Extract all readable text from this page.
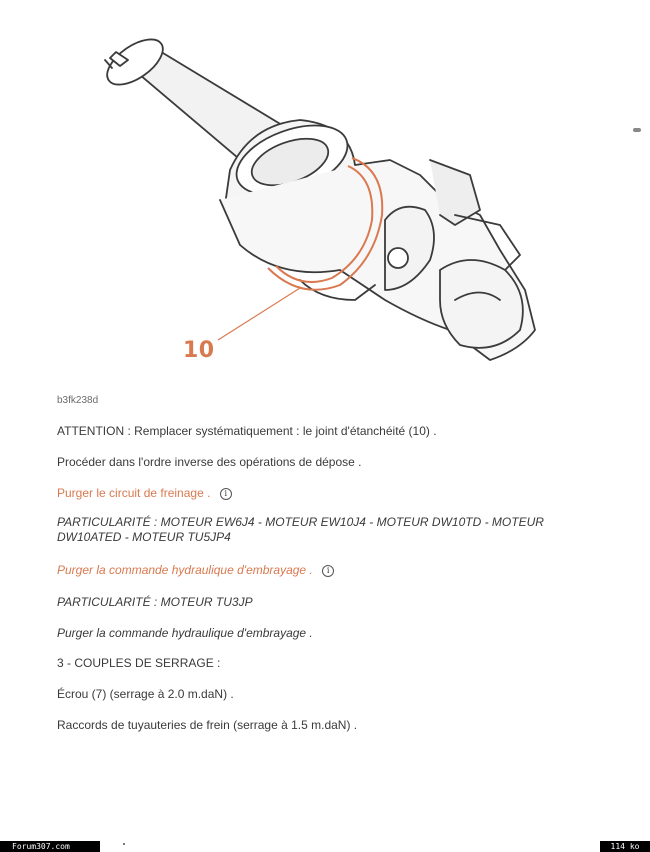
10
b3fk238d
ATTENTION : Remplacer systématiquement : le joint d'étanchéité (10) .
Procéder dans l'ordre inverse des opérations de dépose .
Purger le circuit de freinage . i
PARTICULARITÉ : MOTEUR EW6J4 - MOTEUR EW10J4 - MOTEUR DW10TD - MOTEUR DW10ATED - MOTEUR TU5JP4
Purger la commande hydraulique d'embrayage . i
PARTICULARITÉ : MOTEUR TU3JP
Purger la commande hydraulique d'embrayage .
3 - COUPLES DE SERRAGE :
Écrou (7) (serrage à 2.0 m.daN) .
Raccords de tuyauteries de frein (serrage à 1.5 m.daN) .
Forum307.com	114 ko
